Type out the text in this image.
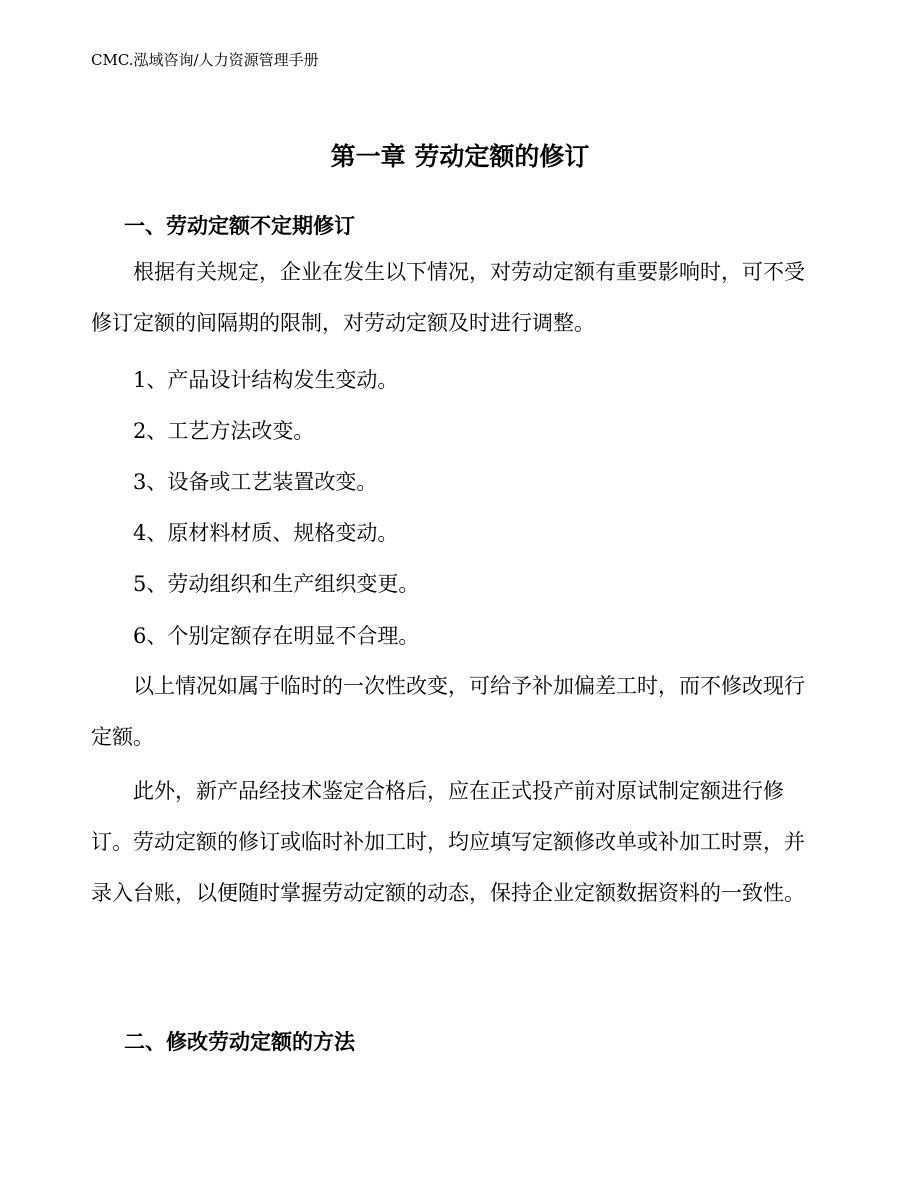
CMC.泓域咨询/人力资源管理手册
第一章 劳动定额的修订
一、劳动定额不定期修订

根据有关规定，企业在发生以下情况，对劳动定额有重要影响时，可不受修订定额的间隔期的限制，对劳动定额及时进行调整。

1、产品设计结构发生变动。
2、工艺方法改变。
3、设备或工艺装置改变。
4、原材料材质、规格变动。
5、劳动组织和生产组织变更。
6、个别定额存在明显不合理。

以上情况如属于临时的一次性改变，可给予补加偏差工时，而不修改现行定额。

此外，新产品经技术鉴定合格后，应在正式投产前对原试制定额进行修订。劳动定额的修订或临时补加工时，均应填写定额修改单或补加工时票，并录入台账，以便随时掌握劳动定额的动态，保持企业定额数据资料的一致性。

二、修改劳动定额的方法
